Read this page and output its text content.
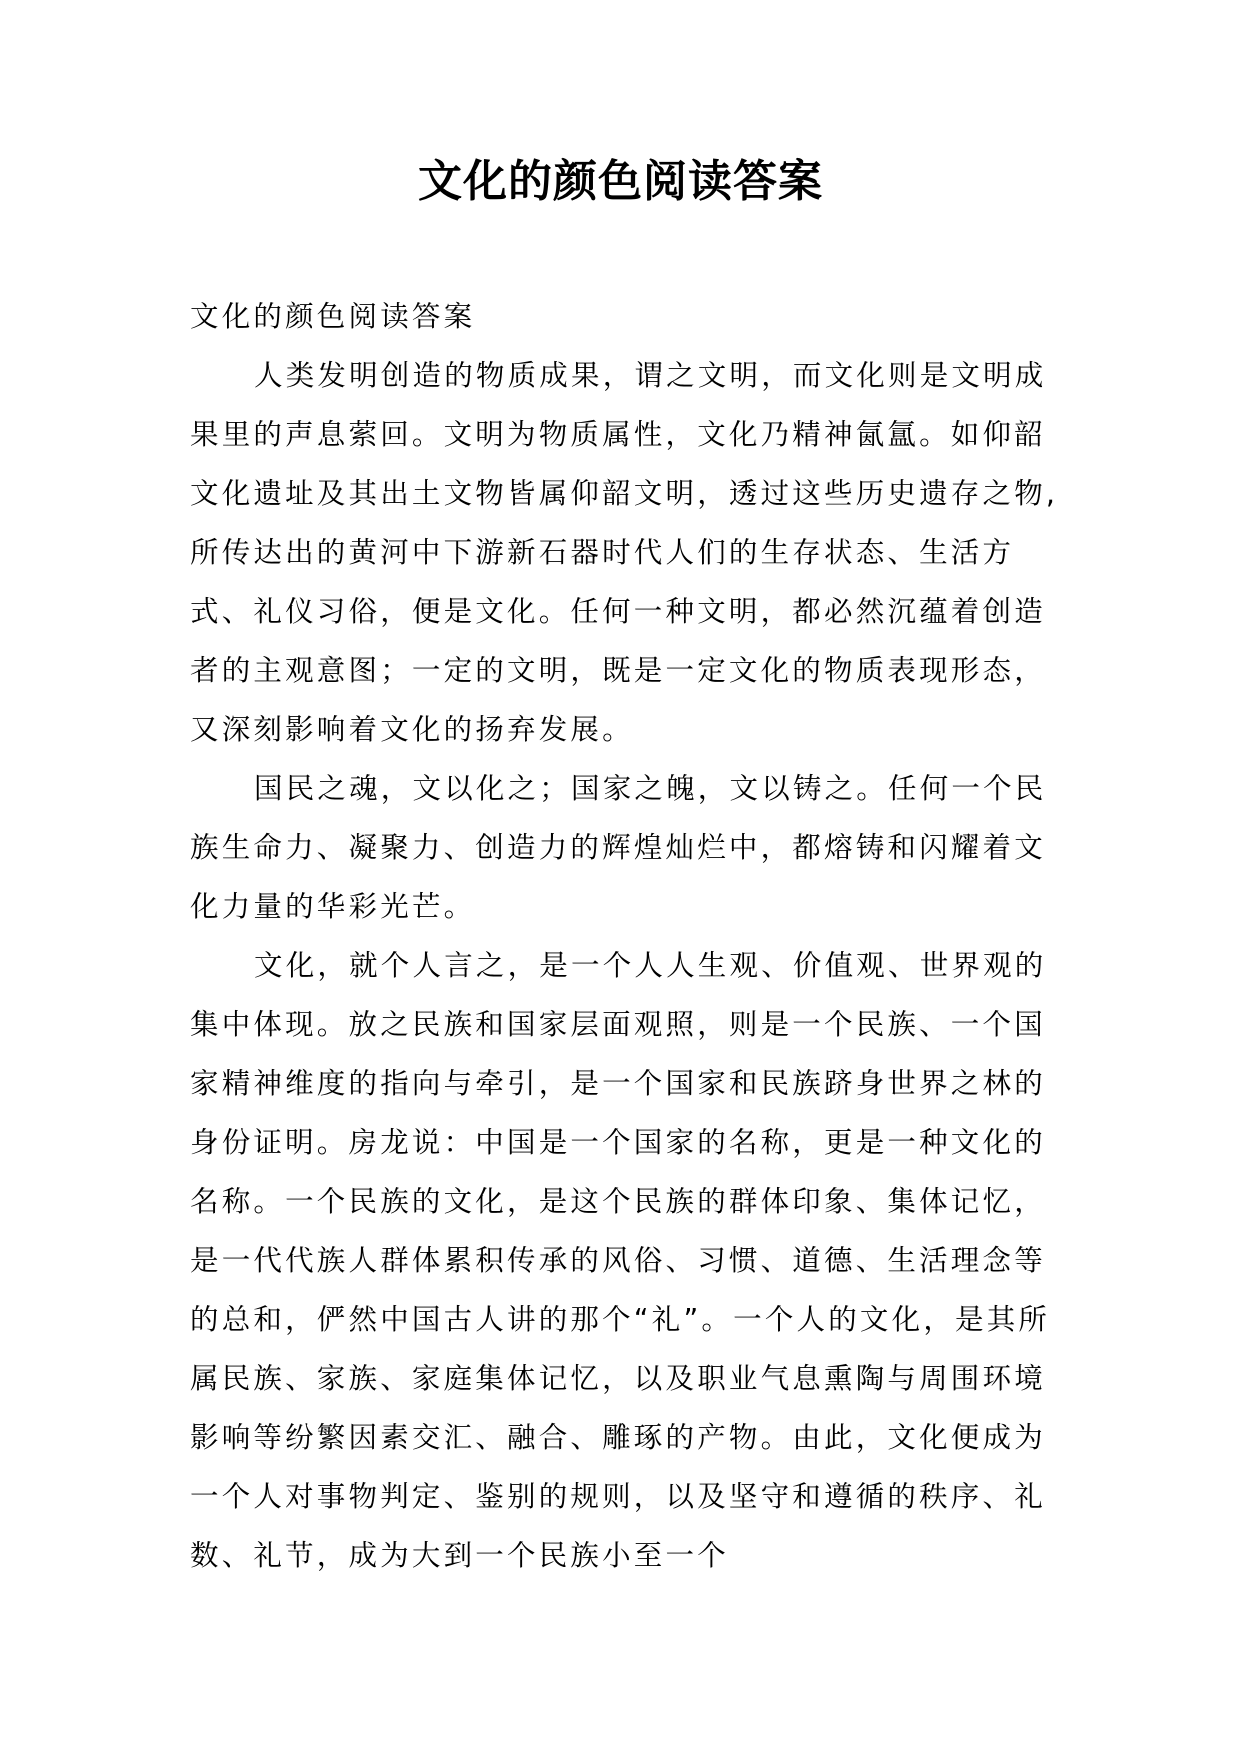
文化的颜色阅读答案

文化的颜色阅读答案

人类发明创造的物质成果，谓之文明，而文化则是文明成果里的声息萦回。文明为物质属性，文化乃精神氤氲。如仰韶文化遗址及其出土文物皆属仰韶文明，透过这些历史遗存之物,所传达出的黄河中下游新石器时代人们的生存状态、生活方式、礼仪习俗，便是文化。任何一种文明，都必然沉蕴着创造者的主观意图；一定的文明，既是一定文化的物质表现形态，又深刻影响着文化的扬弃发展。

国民之魂，文以化之；国家之魄，文以铸之。任何一个民族生命力、凝聚力、创造力的辉煌灿烂中，都熔铸和闪耀着文化力量的华彩光芒。

文化，就个人言之，是一个人人生观、价值观、世界观的集中体现。放之民族和国家层面观照，则是一个民族、一个国家精神维度的指向与牵引，是一个国家和民族跻身世界之林的身份证明。房龙说：中国是一个国家的名称，更是一种文化的名称。一个民族的文化，是这个民族的群体印象、集体记忆，是一代代族人群体累积传承的风俗、习惯、道德、生活理念等的总和，俨然中国古人讲的那个“礼”。一个人的文化，是其所属民族、家族、家庭集体记忆，以及职业气息熏陶与周围环境影响等纷繁因素交汇、融合、雕琢的产物。由此，文化便成为一个人对事物判定、鉴别的规则，以及坚守和遵循的秩序、礼数、礼节，成为大到一个民族小至一个
